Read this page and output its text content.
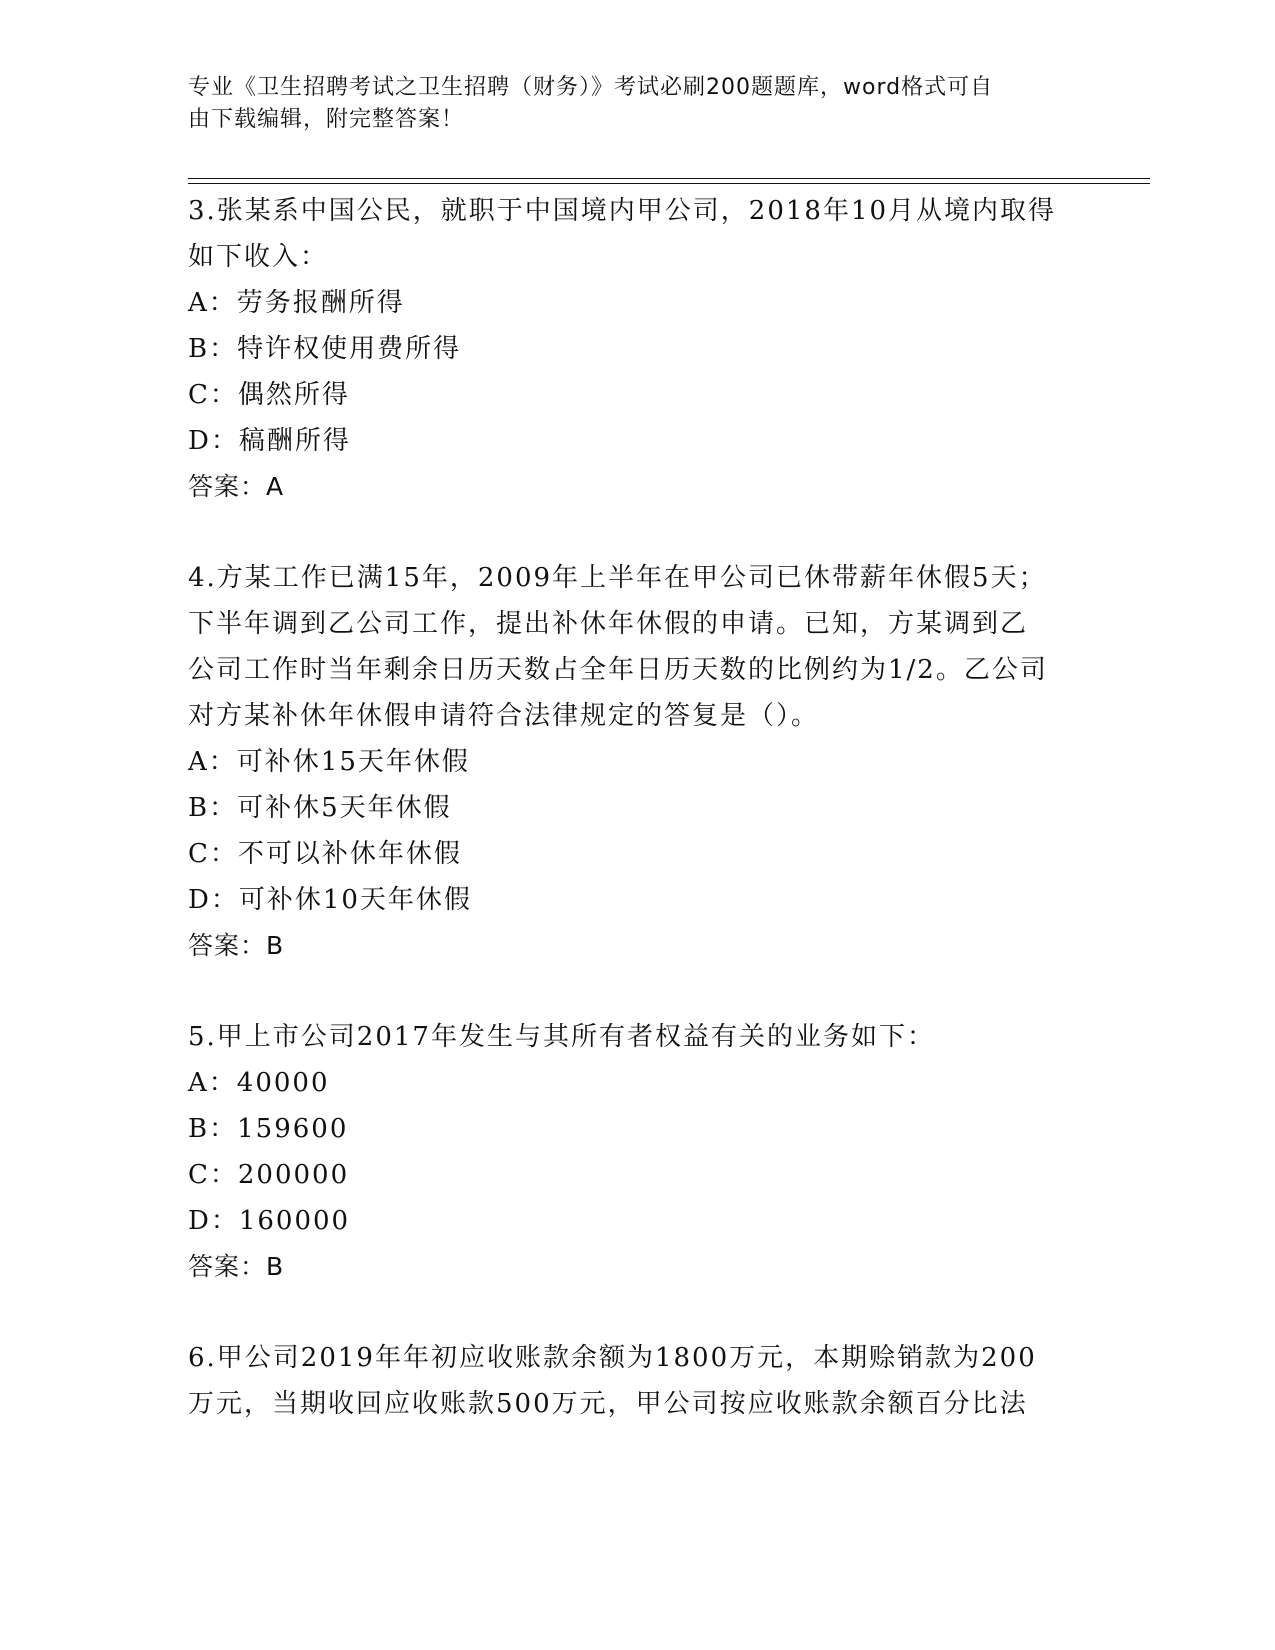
专业《卫生招聘考试之卫生招聘（财务）》考试必刷200题题库，word格式可自
由下载编辑，附完整答案！
3.张某系中国公民，就职于中国境内甲公司，2018年10月从境内取得
如下收入：
A：劳务报酬所得
B：特许权使用费所得
C：偶然所得
D：稿酬所得
答案：A
4.方某工作已满15年，2009年上半年在甲公司已休带薪年休假5天；
下半年调到乙公司工作，提出补休年休假的申请。已知，方某调到乙
公司工作时当年剩余日历天数占全年日历天数的比例约为1/2。乙公司
对方某补休年休假申请符合法律规定的答复是（）。
A：可补休15天年休假
B：可补休5天年休假
C：不可以补休年休假
D：可补休10天年休假
答案：B
5.甲上市公司2017年发生与其所有者权益有关的业务如下：
A：40000
B：159600
C：200000
D：160000
答案：B
6.甲公司2019年年初应收账款余额为1800万元，本期赊销款为200
万元，当期收回应收账款500万元，甲公司按应收账款余额百分比法
